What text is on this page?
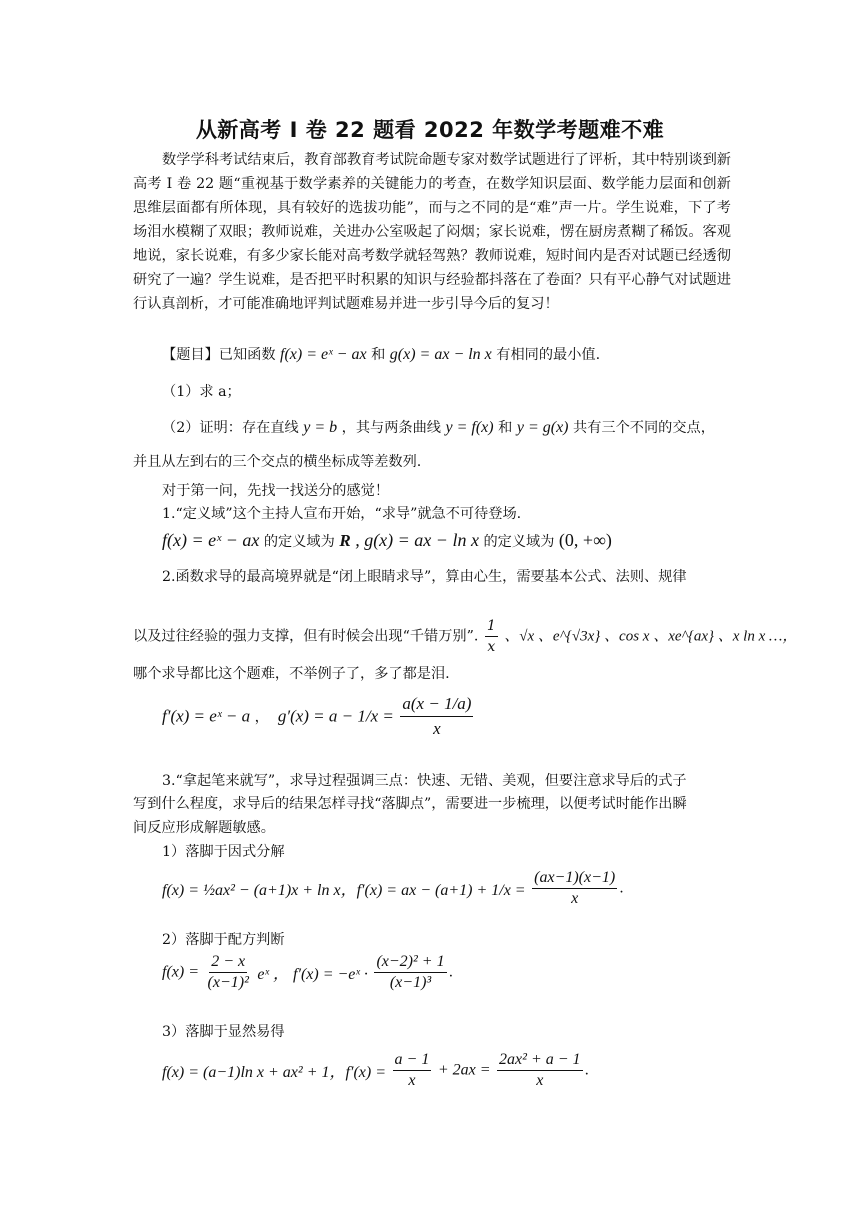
从新高考 I 卷 22 题看 2022 年数学考题难不难

数学学科考试结束后，教育部教育考试院命题专家对数学试题进行了评析，其中特别谈到新高考 I 卷 22 题“重视基于数学素养的关键能力的考查，在数学知识层面、数学能力层面和创新思维层面都有所体现，具有较好的选拔功能”，而与之不同的是“难”声一片。学生说难，下了考场泪水模糊了双眼；教师说难，关进办公室吸起了闷烟；家长说难，愣在厨房煮糊了稀饭。客观地说，家长说难，有多少家长能对高考数学就轻驾熟？教师说难，短时间内是否对试题已经透彻研究了一遍？学生说难，是否把平时积累的知识与经验都抖落在了卷面？只有平心静气对试题进行认真剖析，才可能准确地评判试题难易并进一步引导今后的复习！

【题目】已知函数 f(x) = eˣ − ax 和 g(x) = ax − ln x 有相同的最小值.
（1）求 a；
（2）证明：存在直线 y = b ，其与两条曲线 y = f(x) 和 y = g(x) 共有三个不同的交点，
并且从左到右的三个交点的横坐标成等差数列.
对于第一问，先找一找送分的感觉！
1.“定义域”这个主持人宣布开始，“求导”就急不可待登场.
f(x) = eˣ − ax 的定义域为 R , g(x) = ax − ln x 的定义域为 (0, +∞)
2.函数求导的最高境界就是“闭上眼睛求导”，算由心生，需要基本公式、法则、规律
以及过往经验的强力支撑，但有时候会出现“千错万别”. $\frac{1}{x}$ 、√x 、e^{√3x} 、cos x 、xe^{ax} 、x ln x …，
哪个求导都比这个题难，不举例子了，多了都是泪.
f′(x) = eˣ − a ，  $g'(x) = a - 1/x = \frac{a(x - 1/a)}{x}$
3.“拿起笔来就写”，求导过程强调三点：快速、无错、美观，但要注意求导后的式子
写到什么程度，求导后的结果怎样寻找“落脚点”，需要进一步梳理，以便考试时能作出瞬
间反应形成解题敏感。
1）落脚于因式分解
f(x) = ½ax² − (a+1)x + ln x，f′(x) = ax − $(a+1) + 1/x = \frac{(ax-1)(x-1)}{x}$ .
2）落脚于配方判断
$f(x) = \frac{2 - x}{\text{(x−1)²}}$ eˣ ， f′(x) = −eˣ · $\frac{\text{(x−2)² + 1}}{\text{(x−1)³}}$ .
3）落脚于显然易得
f(x) = (a−1)ln x + ax² + 1，$f'(x) = \frac{a - 1}{x} + 2ax = \frac{\text{2ax² + a − 1}}{x}$ .
